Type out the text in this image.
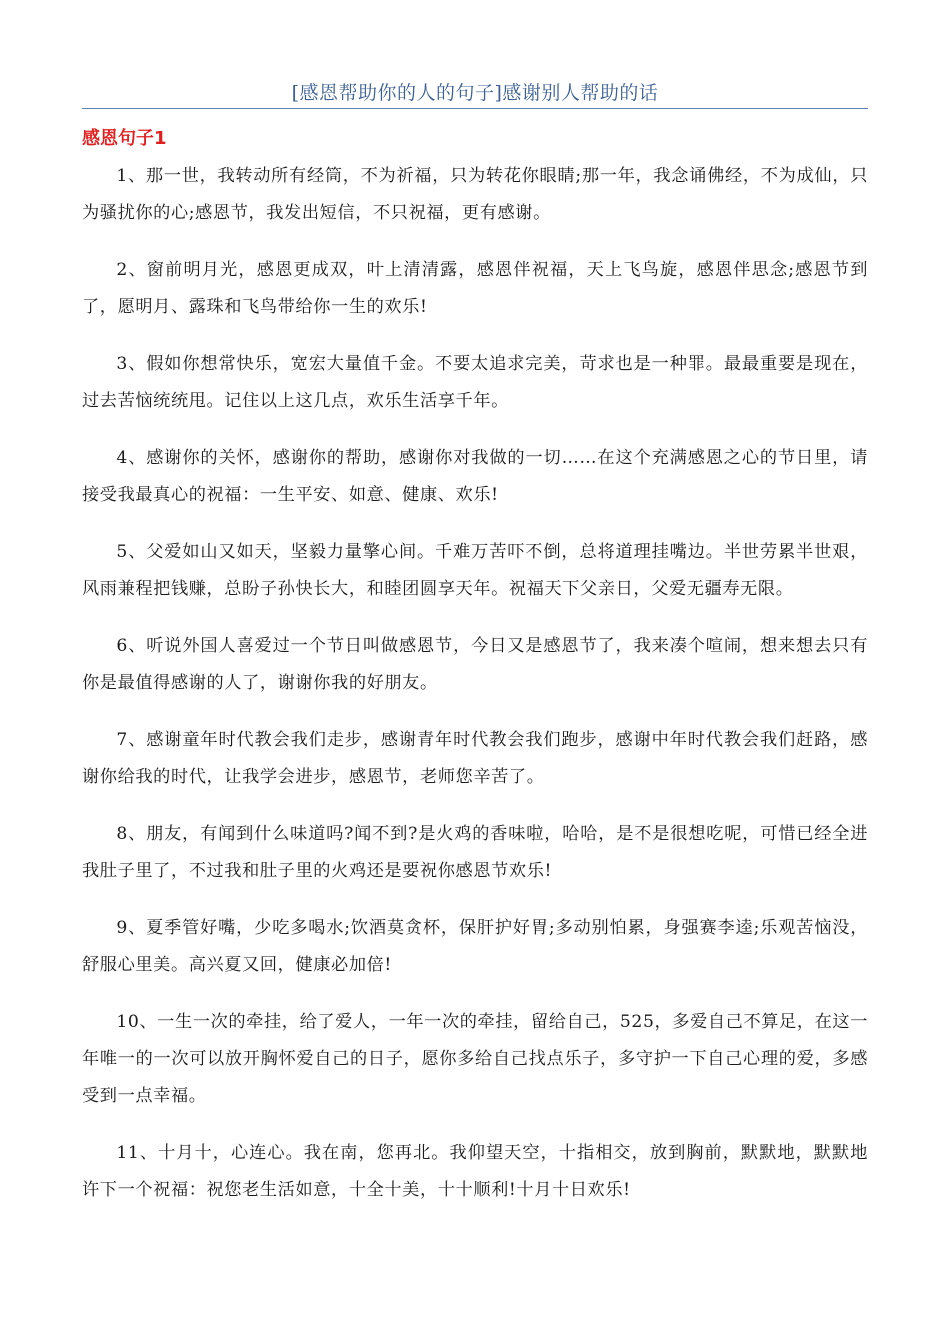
[感恩帮助你的人的句子]感谢别人帮助的话
感恩句子1

1、那一世，我转动所有经筒，不为祈福，只为转花你眼睛;那一年，我念诵佛经，不为成仙，只为骚扰你的心;感恩节，我发出短信，不只祝福，更有感谢。

2、窗前明月光，感恩更成双，叶上清清露，感恩伴祝福，天上飞鸟旋，感恩伴思念;感恩节到了，愿明月、露珠和飞鸟带给你一生的欢乐!

3、假如你想常快乐，宽宏大量值千金。不要太追求完美，苛求也是一种罪。最最重要是现在，过去苦恼统统甩。记住以上这几点，欢乐生活享千年。

4、感谢你的关怀，感谢你的帮助，感谢你对我做的一切……在这个充满感恩之心的节日里，请接受我最真心的祝福：一生平安、如意、健康、欢乐!

5、父爱如山又如天，坚毅力量擎心间。千难万苦吓不倒，总将道理挂嘴边。半世劳累半世艰，风雨兼程把钱赚，总盼子孙快长大，和睦团圆享天年。祝福天下父亲日，父爱无疆寿无限。

6、听说外国人喜爱过一个节日叫做感恩节，今日又是感恩节了，我来凑个喧闹，想来想去只有你是最值得感谢的人了，谢谢你我的好朋友。

7、感谢童年时代教会我们走步，感谢青年时代教会我们跑步，感谢中年时代教会我们赶路，感谢你给我的时代，让我学会进步，感恩节，老师您辛苦了。

8、朋友，有闻到什么味道吗?闻不到?是火鸡的香味啦，哈哈，是不是很想吃呢，可惜已经全进我肚子里了，不过我和肚子里的火鸡还是要祝你感恩节欢乐!

9、夏季管好嘴，少吃多喝水;饮酒莫贪杯，保肝护好胃;多动别怕累，身强赛李逵;乐观苦恼没，舒服心里美。高兴夏又回，健康必加倍!

10、一生一次的牵挂，给了爱人，一年一次的牵挂，留给自己，525，多爱自己不算足，在这一年唯一的一次可以放开胸怀爱自己的日子，愿你多给自己找点乐子，多守护一下自己心理的爱，多感受到一点幸福。

11、十月十，心连心。我在南，您再北。我仰望天空，十指相交，放到胸前，默默地，默默地许下一个祝福：祝您老生活如意，十全十美，十十顺利!十月十日欢乐!
